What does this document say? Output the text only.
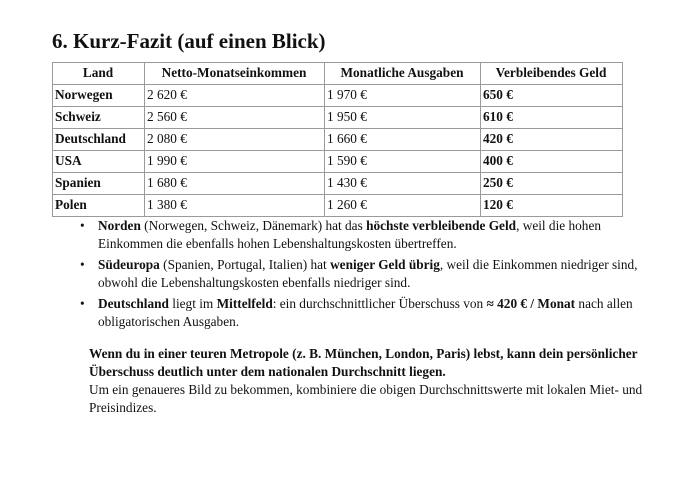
6. Kurz-Fazit (auf einen Blick)
Land	Netto-Monatseinkommen	Monatliche Ausgaben	Verbleibendes Geld
Norwegen	2 620 €	1 970 €	650 €
Schweiz	2 560 €	1 950 €	610 €
Deutschland	2 080 €	1 660 €	420 €
USA	1 990 €	1 590 €	400 €
Spanien	1 680 €	1 430 €	250 €
Polen	1 380 €	1 260 €	120 €
• Norden (Norwegen, Schweiz, Dänemark) hat das höchste verbleibende Geld, weil die hohen Einkommen die ebenfalls hohen Lebenshaltungskosten übertreffen.
• Südeuropa (Spanien, Portugal, Italien) hat weniger Geld übrig, weil die Einkommen niedriger sind, obwohl die Lebenshaltungskosten ebenfalls niedriger sind.
• Deutschland liegt im Mittelfeld: ein durchschnittlicher Überschuss von ≈ 420 € / Monat nach allen obligatorischen Ausgaben.
Wenn du in einer teuren Metropole (z. B. München, London, Paris) lebst, kann dein persönlicher Überschuss deutlich unter dem nationalen Durchschnitt liegen.
Um ein genaueres Bild zu bekommen, kombiniere die obigen Durchschnittswerte mit lokalen Miet- und Preisindizes.
